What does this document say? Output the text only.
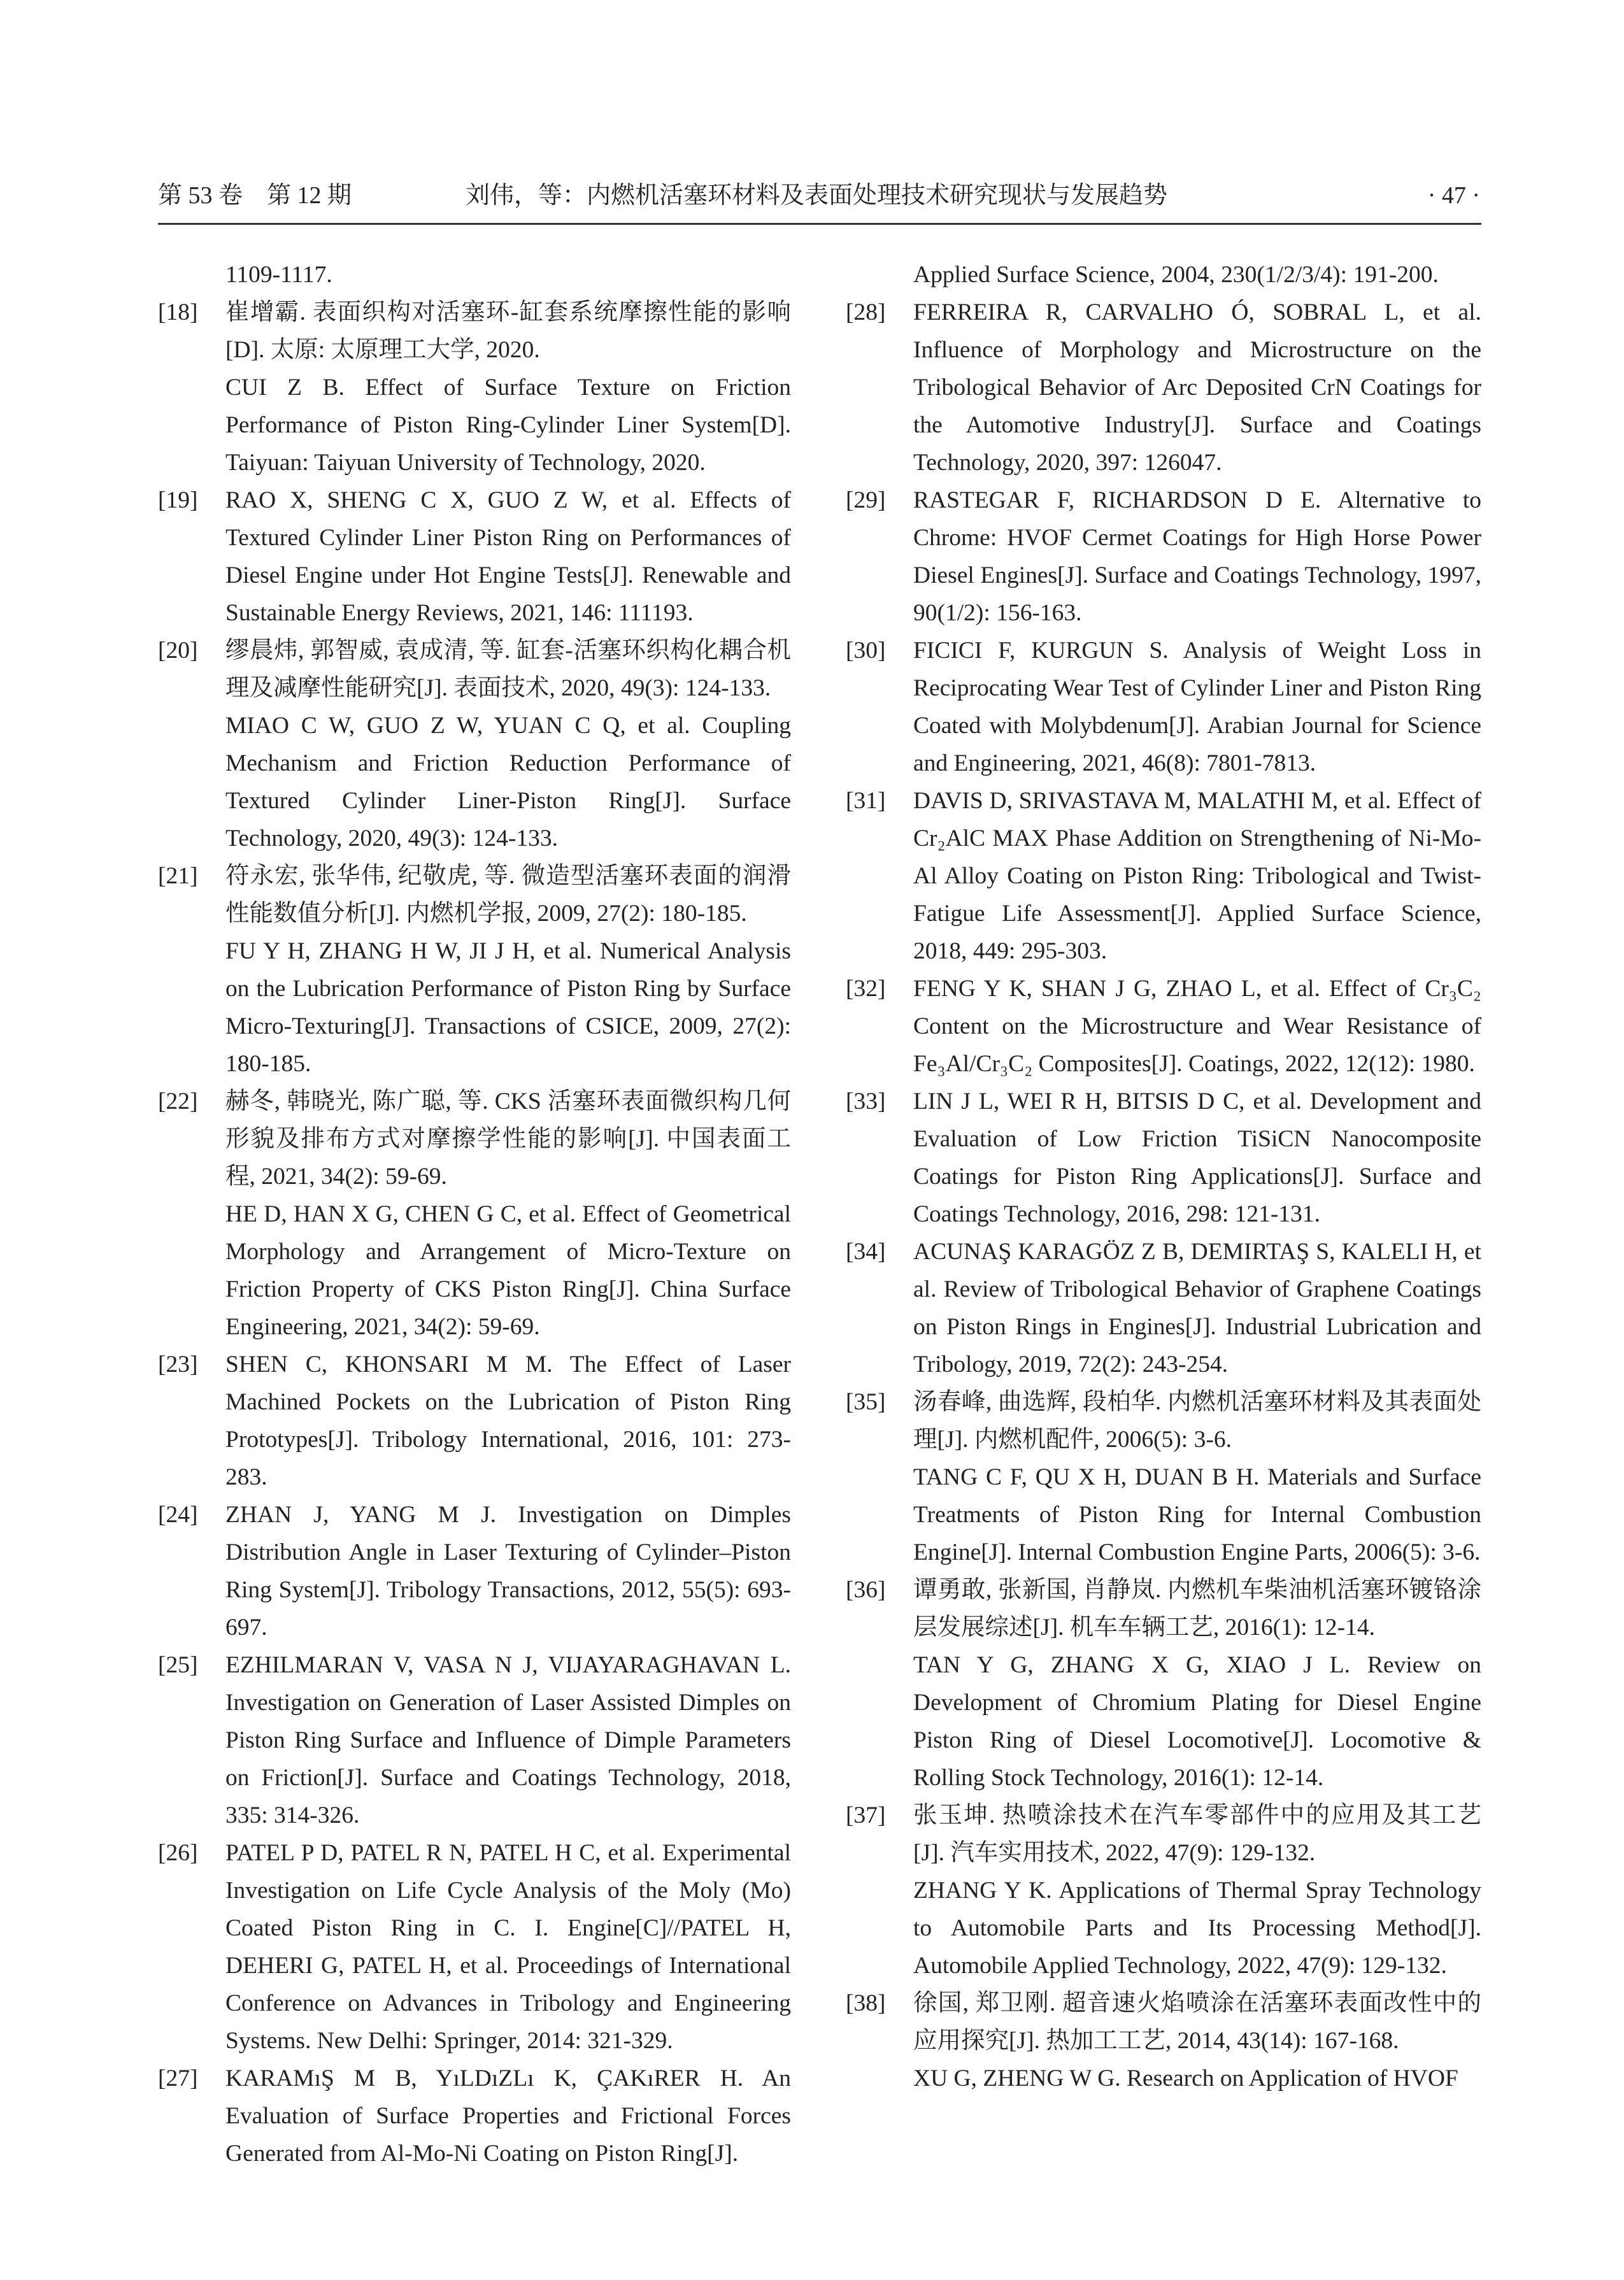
第 53 卷　第 12 期	刘伟，等：内燃机活塞环材料及表面处理技术研究现状与发展趋势	· 47 ·

1109-1117.

[18] 崔增霸. 表面织构对活塞环-缸套系统摩擦性能的影响[D]. 太原: 太原理工大学, 2020.

CUI Z B. Effect of Surface Texture on Friction Performance of Piston Ring-Cylinder Liner System[D]. Taiyuan: Taiyuan University of Technology, 2020.

[19] RAO X, SHENG C X, GUO Z W, et al. Effects of Textured Cylinder Liner Piston Ring on Performances of Diesel Engine under Hot Engine Tests[J]. Renewable and Sustainable Energy Reviews, 2021, 146: 111193.

[20] 缪晨炜, 郭智威, 袁成清, 等. 缸套-活塞环织构化耦合机理及减摩性能研究[J]. 表面技术, 2020, 49(3): 124-133.

MIAO C W, GUO Z W, YUAN C Q, et al. Coupling Mechanism and Friction Reduction Performance of Textured Cylinder Liner-Piston Ring[J]. Surface Technology, 2020, 49(3): 124-133.

[21] 符永宏, 张华伟, 纪敬虎, 等. 微造型活塞环表面的润滑性能数值分析[J]. 内燃机学报, 2009, 27(2): 180-185.

FU Y H, ZHANG H W, JI J H, et al. Numerical Analysis on the Lubrication Performance of Piston Ring by Surface Micro-Texturing[J]. Transactions of CSICE, 2009, 27(2): 180-185.

[22] 赫冬, 韩晓光, 陈广聪, 等. CKS 活塞环表面微织构几何形貌及排布方式对摩擦学性能的影响[J]. 中国表面工程, 2021, 34(2): 59-69.

HE D, HAN X G, CHEN G C, et al. Effect of Geometrical Morphology and Arrangement of Micro-Texture on Friction Property of CKS Piston Ring[J]. China Surface Engineering, 2021, 34(2): 59-69.

[23] SHEN C, KHONSARI M M. The Effect of Laser Machined Pockets on the Lubrication of Piston Ring Prototypes[J]. Tribology International, 2016, 101: 273-283.

[24] ZHAN J, YANG M J. Investigation on Dimples Distribution Angle in Laser Texturing of Cylinder–Piston Ring System[J]. Tribology Transactions, 2012, 55(5): 693-697.

[25] EZHILMARAN V, VASA N J, VIJAYARAGHAVAN L. Investigation on Generation of Laser Assisted Dimples on Piston Ring Surface and Influence of Dimple Parameters on Friction[J]. Surface and Coatings Technology, 2018, 335: 314-326.

[26] PATEL P D, PATEL R N, PATEL H C, et al. Experimental Investigation on Life Cycle Analysis of the Moly (Mo) Coated Piston Ring in C. I. Engine[C]//PATEL H, DEHERI G, PATEL H, et al. Proceedings of International Conference on Advances in Tribology and Engineering Systems. New Delhi: Springer, 2014: 321-329.

[27] KARAMıŞ M B, YıLDıZLı K, ÇAKıRER H. An Evaluation of Surface Properties and Frictional Forces Generated from Al-Mo-Ni Coating on Piston Ring[J].

Applied Surface Science, 2004, 230(1/2/3/4): 191-200.

[28] FERREIRA R, CARVALHO Ó, SOBRAL L, et al. Influence of Morphology and Microstructure on the Tribological Behavior of Arc Deposited CrN Coatings for the Automotive Industry[J]. Surface and Coatings Technology, 2020, 397: 126047.

[29] RASTEGAR F, RICHARDSON D E. Alternative to Chrome: HVOF Cermet Coatings for High Horse Power Diesel Engines[J]. Surface and Coatings Technology, 1997, 90(1/2): 156-163.

[30] FICICI F, KURGUN S. Analysis of Weight Loss in Reciprocating Wear Test of Cylinder Liner and Piston Ring Coated with Molybdenum[J]. Arabian Journal for Science and Engineering, 2021, 46(8): 7801-7813.

[31] DAVIS D, SRIVASTAVA M, MALATHI M, et al. Effect of Cr₂AlC MAX Phase Addition on Strengthening of Ni-Mo-Al Alloy Coating on Piston Ring: Tribological and Twist-Fatigue Life Assessment[J]. Applied Surface Science, 2018, 449: 295-303.

[32] FENG Y K, SHAN J G, ZHAO L, et al. Effect of Cr₃C₂ Content on the Microstructure and Wear Resistance of Fe₃Al/Cr₃C₂ Composites[J]. Coatings, 2022, 12(12): 1980.

[33] LIN J L, WEI R H, BITSIS D C, et al. Development and Evaluation of Low Friction TiSiCN Nanocomposite Coatings for Piston Ring Applications[J]. Surface and Coatings Technology, 2016, 298: 121-131.

[34] ACUNAŞ KARAGÖZ Z B, DEMIRTAŞ S, KALELI H, et al. Review of Tribological Behavior of Graphene Coatings on Piston Rings in Engines[J]. Industrial Lubrication and Tribology, 2019, 72(2): 243-254.

[35] 汤春峰, 曲选辉, 段柏华. 内燃机活塞环材料及其表面处理[J]. 内燃机配件, 2006(5): 3-6.

TANG C F, QU X H, DUAN B H. Materials and Surface Treatments of Piston Ring for Internal Combustion Engine[J]. Internal Combustion Engine Parts, 2006(5): 3-6.

[36] 谭勇敢, 张新国, 肖静岚. 内燃机车柴油机活塞环镀铬涂层发展综述[J]. 机车车辆工艺, 2016(1): 12-14.

TAN Y G, ZHANG X G, XIAO J L. Review on Development of Chromium Plating for Diesel Engine Piston Ring of Diesel Locomotive[J]. Locomotive & Rolling Stock Technology, 2016(1): 12-14.

[37] 张玉坤. 热喷涂技术在汽车零部件中的应用及其工艺[J]. 汽车实用技术, 2022, 47(9): 129-132.

ZHANG Y K. Applications of Thermal Spray Technology to Automobile Parts and Its Processing Method[J]. Automobile Applied Technology, 2022, 47(9): 129-132.

[38] 徐国, 郑卫刚. 超音速火焰喷涂在活塞环表面改性中的应用探究[J]. 热加工工艺, 2014, 43(14): 167-168.

XU G, ZHENG W G. Research on Application of HVOF
